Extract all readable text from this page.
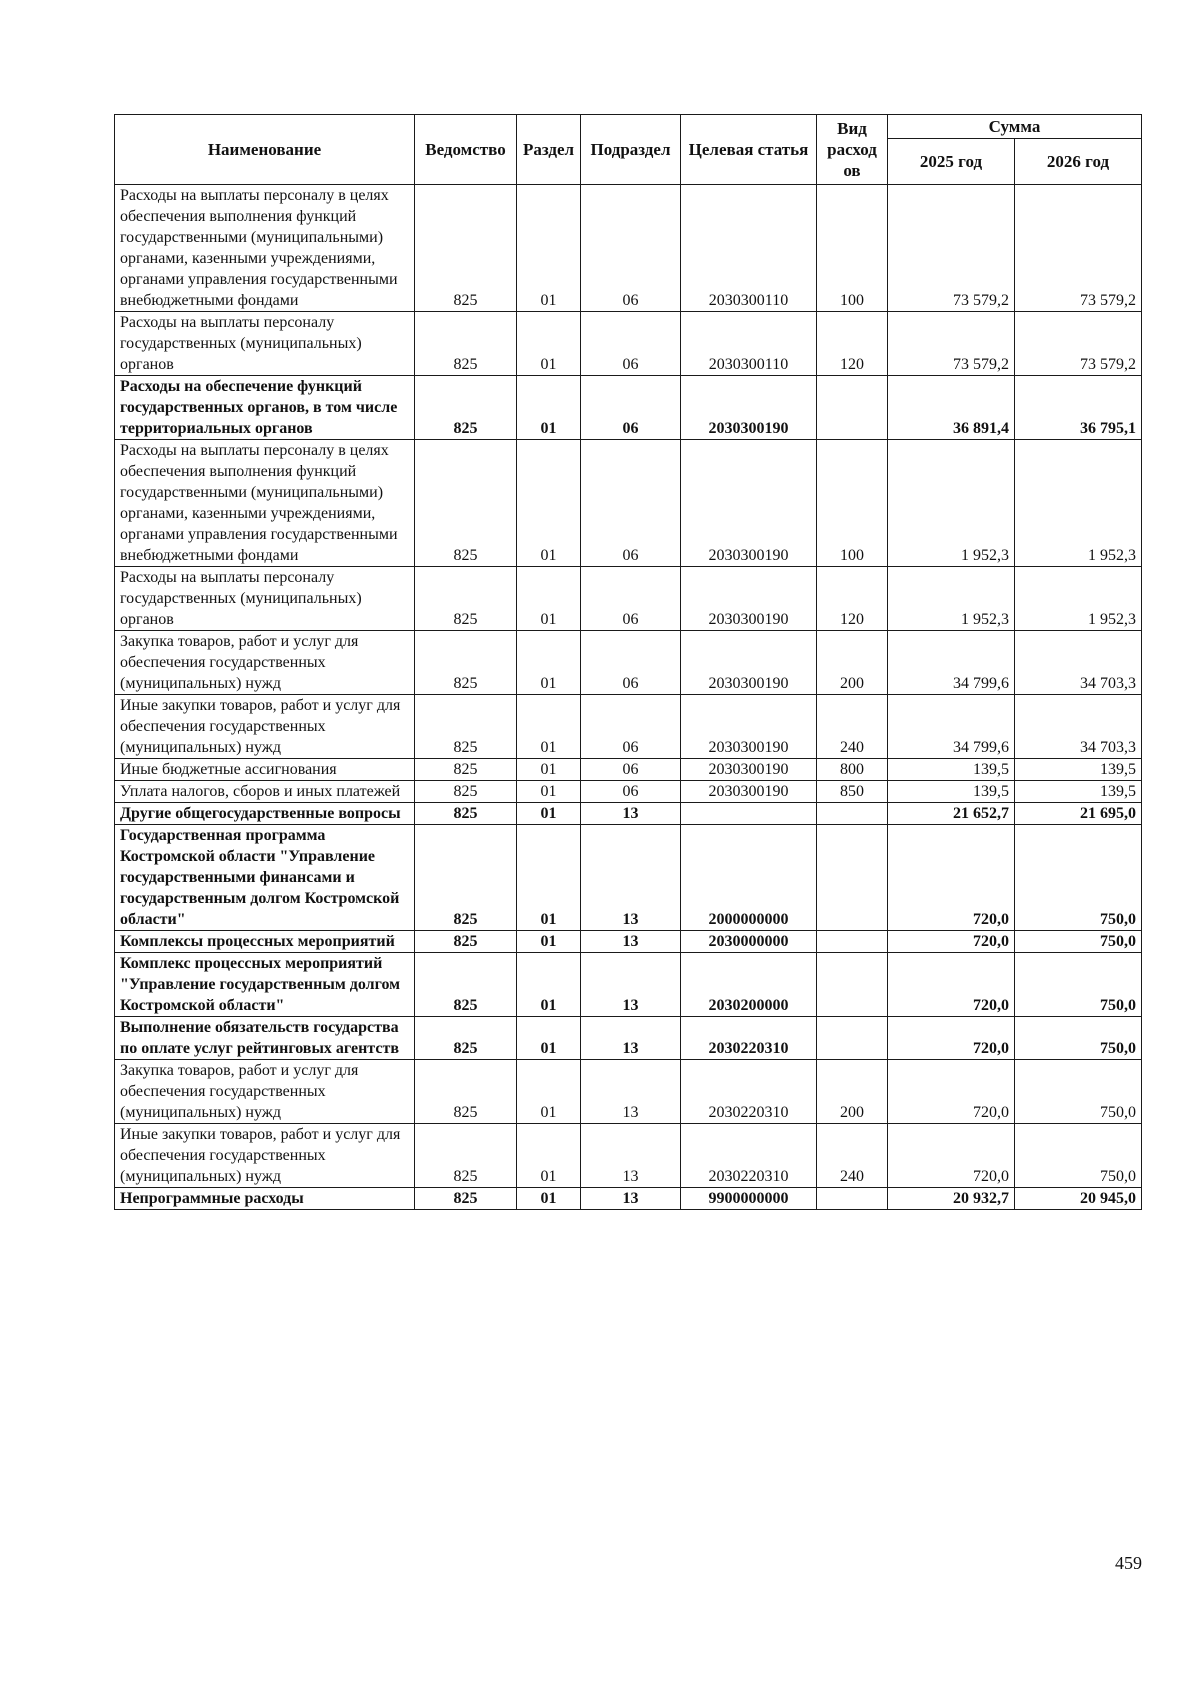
Наименование	Ведомство	Раздел	Подраздел	Целевая статья	Вид расход ов	Сумма	
						2025 год	2026 год
Расходы на выплаты персоналу в целях обеспечения выполнения функций государственными (муниципальными) органами, казенными учреждениями, органами управления государственными внебюджетными фондами	825	01	06	2030300110	100	73 579,2	73 579,2
Расходы на выплаты персоналу государственных (муниципальных) органов	825	01	06	2030300110	120	73 579,2	73 579,2
Расходы на обеспечение функций государственных органов, в том числе территориальных органов	825	01	06	2030300190		36 891,4	36 795,1
Расходы на выплаты персоналу в целях обеспечения выполнения функций государственными (муниципальными) органами, казенными учреждениями, органами управления государственными внебюджетными фондами	825	01	06	2030300190	100	1 952,3	1 952,3
Расходы на выплаты персоналу государственных (муниципальных) органов	825	01	06	2030300190	120	1 952,3	1 952,3
Закупка товаров, работ и услуг для обеспечения государственных (муниципальных) нужд	825	01	06	2030300190	200	34 799,6	34 703,3
Иные закупки товаров, работ и услуг для обеспечения государственных (муниципальных) нужд	825	01	06	2030300190	240	34 799,6	34 703,3
Иные бюджетные ассигнования	825	01	06	2030300190	800	139,5	139,5
Уплата налогов, сборов и иных платежей	825	01	06	2030300190	850	139,5	139,5
Другие общегосударственные вопросы	825	01	13			21 652,7	21 695,0
Государственная программа Костромской области "Управление государственными финансами и государственным долгом Костромской области"	825	01	13	2000000000		720,0	750,0
Комплексы процессных мероприятий	825	01	13	2030000000		720,0	750,0
Комплекс процессных мероприятий "Управление государственным долгом Костромской области"	825	01	13	2030200000		720,0	750,0
Выполнение обязательств государства по оплате услуг рейтинговых агентств	825	01	13	2030220310		720,0	750,0
Закупка товаров, работ и услуг для обеспечения государственных (муниципальных) нужд	825	01	13	2030220310	200	720,0	750,0
Иные закупки товаров, работ и услуг для обеспечения государственных (муниципальных) нужд	825	01	13	2030220310	240	720,0	750,0
Непрограммные расходы	825	01	13	9900000000		20 932,7	20 945,0
459
